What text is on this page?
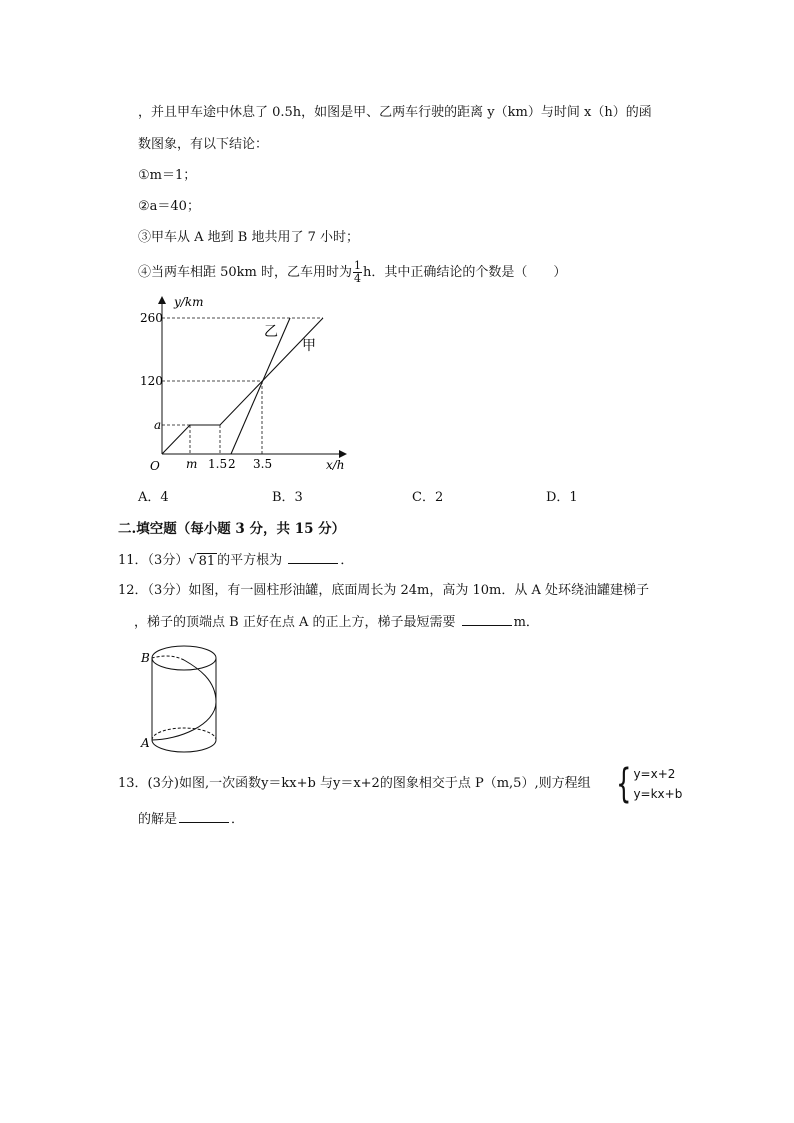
，并且甲车途中休息了 0.5h，如图是甲、乙两车行驶的距离 y（km）与时间 x（h）的函
数图象，有以下结论：
①m＝1；
②a＝40；
③甲车从 A 地到 B 地共用了 7 小时；
④当两车相距 50km 时，乙车用时为 $\frac{1}{4}$ h．其中正确结论的个数是（　　）
y/km
x/h
O
260
120
a
m 1.5 2 3.5
乙
甲
A．4	B．3	C．2	D．1
二.填空题（每小题 3 分，共 15 分）
11．（3分） √ 81 的平方根为	．
12．（3分）如图，有一圆柱形油罐，底面周长为 24m，高为 10m．从 A 处环绕油罐建梯子
，梯子的顶端点 B 正好在点 A 的正上方，梯子最短需要	m．
B
A
13．(3分)如图,一次函数y＝kx+b 与y＝x+2的图象相交于点 P（m,5）,则方程组 { y=x+2
y=kx+b
的解是	．
